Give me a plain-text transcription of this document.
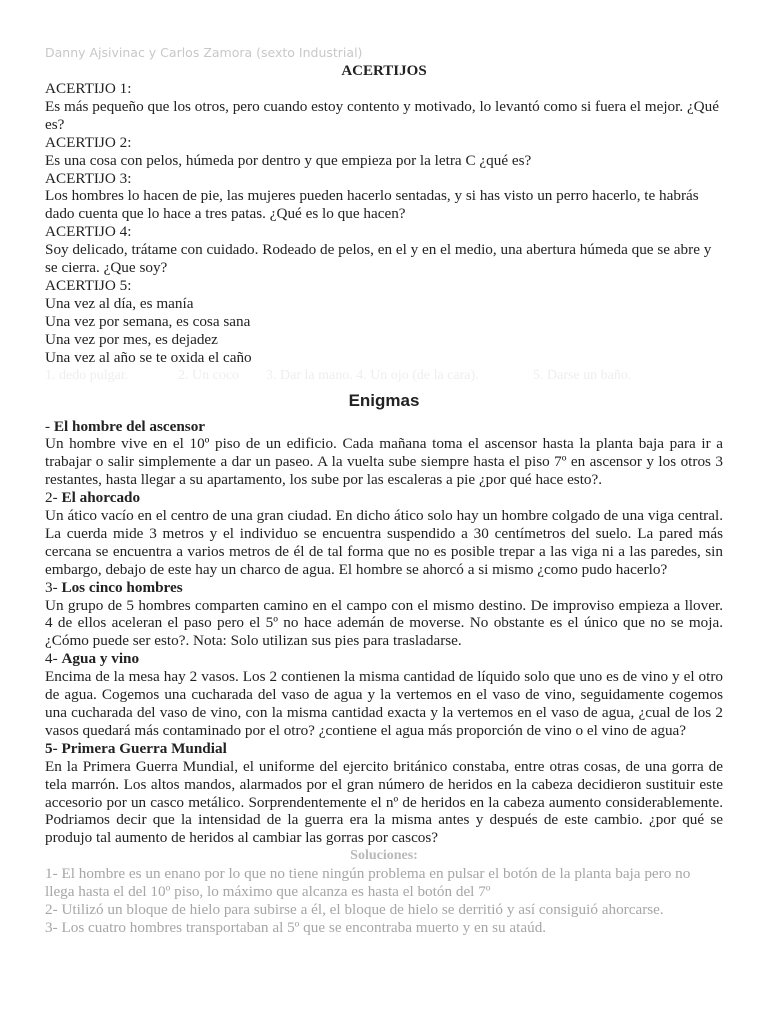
Danny Ajsivinac y Carlos Zamora (sexto Industrial)
ACERTIJOS

ACERTIJO 1:

Es más pequeño que los otros, pero cuando estoy contento y motivado, lo levantó como si fuera el mejor. ¿Qué es?

ACERTIJO 2:

Es una cosa con pelos, húmeda por dentro y que empieza por la letra C ¿qué es?

ACERTIJO 3:

Los hombres lo hacen de pie, las mujeres pueden hacerlo sentadas, y si has visto un perro hacerlo, te habrás dado cuenta que lo hace a tres patas. ¿Qué es lo que hacen?

ACERTIJO 4:

Soy delicado, trátame con cuidado. Rodeado de pelos, en el y en el medio, una abertura húmeda que se abre y se cierra. ¿Que soy?

ACERTIJO 5:

Una vez al día, es manía

Una vez por semana, es cosa sana

Una vez por mes, es dejadez

Una vez al año se te oxida el caño

1. dedo pulgar.	2. Un coco	3. Dar la mano. 4. Un ojo (de la cara).	5. Darse un baño.
Enigmas

- El hombre del ascensor

Un hombre vive en el 10º piso de un edificio. Cada mañana toma el ascensor hasta la planta baja para ir a trabajar o salir simplemente a dar un paseo. A la vuelta sube siempre hasta el piso 7º en ascensor y los otros 3 restantes, hasta llegar a su apartamento, los sube por las escaleras a pie ¿por qué hace esto?.

2- El ahorcado

Un ático vacío en el centro de una gran ciudad. En dicho ático solo hay un hombre colgado de una viga central. La cuerda mide 3 metros y el individuo se encuentra suspendido a 30 centímetros del suelo. La pared más cercana se encuentra a varios metros de él de tal forma que no es posible trepar a las viga ni a las paredes, sin embargo, debajo de este hay un charco de agua. El hombre se ahorcó a si mismo ¿como pudo hacerlo?

3- Los cinco hombres

Un grupo de 5 hombres comparten camino en el campo con el mismo destino. De improviso empieza a llover. 4 de ellos aceleran el paso pero el 5º no hace ademán de moverse. No obstante es el único que no se moja. ¿Cómo puede ser esto?. Nota: Solo utilizan sus pies para trasladarse.

4- Agua y vino

Encima de la mesa hay 2 vasos. Los 2 contienen la misma cantidad de líquido solo que uno es de vino y el otro de agua. Cogemos una cucharada del vaso de agua y la vertemos en el vaso de vino, seguidamente cogemos una cucharada del vaso de vino, con la misma cantidad exacta y la vertemos en el vaso de agua, ¿cual de los 2 vasos quedará más contaminado por el otro? ¿contiene el agua más proporción de vino o el vino de agua?

5- Primera Guerra Mundial

En la Primera Guerra Mundial, el uniforme del ejercito británico constaba, entre otras cosas, de una gorra de tela marrón. Los altos mandos, alarmados por el gran número de heridos en la cabeza decidieron sustituir este accesorio por un casco metálico. Sorprendentemente el nº de heridos en la cabeza aumento considerablemente. Podriamos decir que la intensidad de la guerra era la misma antes y después de este cambio. ¿por qué se produjo tal aumento de heridos al cambiar las gorras por cascos?

Soluciones:

1- El hombre es un enano por lo que no tiene ningún problema en pulsar el botón de la planta baja pero no llega hasta el del 10º piso, lo máximo que alcanza es hasta el botón del 7º

2- Utilizó un bloque de hielo para subirse a él, el bloque de hielo se derritió y así consiguió ahorcarse.

3- Los cuatro hombres transportaban al 5º que se encontraba muerto y en su ataúd.
